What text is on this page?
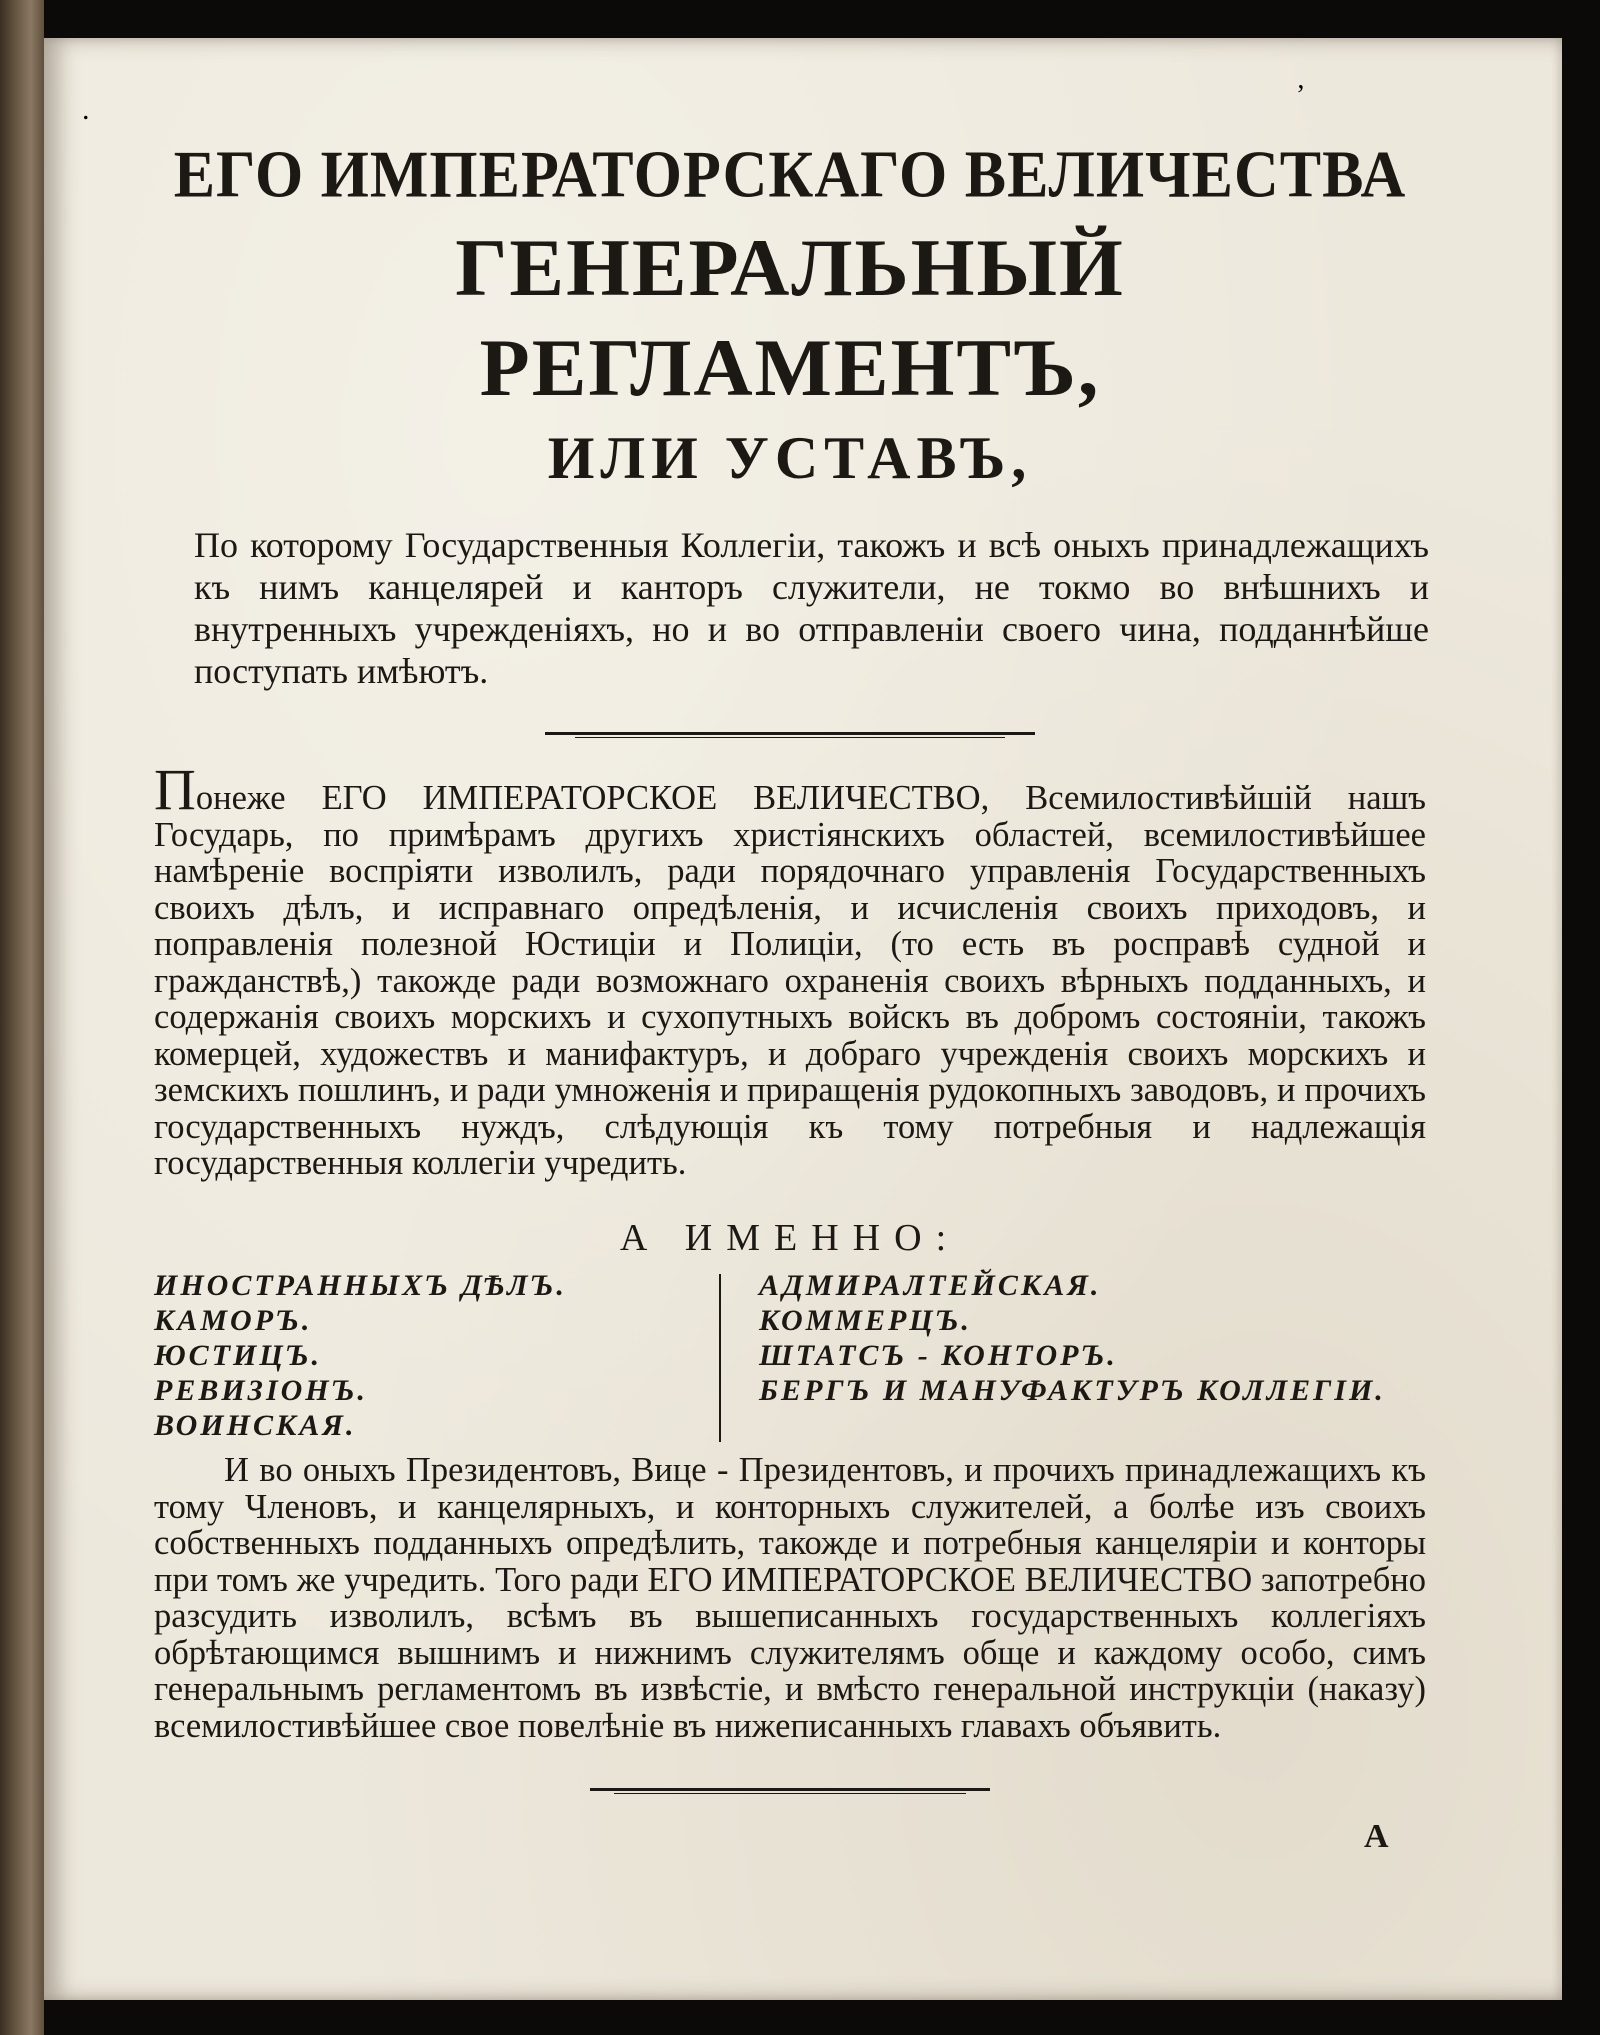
.	’
ЕГО ИМПЕРАТОРСКАГО ВЕЛИЧЕСТВА
ГЕНЕРАЛЬНЫЙ РЕГЛАМЕНТЪ,
ИЛИ УСТАВЪ,

По которому Государственныя Коллегіи, такожъ и всѣ оныхъ принадлежащихъ къ нимъ канцелярей и канторъ служители, не токмо во внѣшнихъ и внутренныхъ учрежденіяхъ, но и во отправленіи своего чина, подданнѣйше поступать имѣютъ.

Понеже ЕГО ИМПЕРАТОРСКОЕ ВЕЛИЧЕСТВО, Всемилостивѣйшій нашъ Государь, по примѣрамъ другихъ христіянскихъ областей, всемилостивѣйшее намѣреніе воспріяти изволилъ, ради порядочнаго управленія Государственныхъ своихъ дѣлъ, и исправнаго опредѣленія, и исчисленія своихъ приходовъ, и поправленія полезной Юстиціи и Полиціи, (то есть въ росправѣ судной и гражданствѣ,) такожде ради возможнаго охраненія своихъ вѣрныхъ подданныхъ, и содержанія своихъ морскихъ и сухопутныхъ войскъ въ добромъ состояніи, такожъ комерцей, художествъ и манифактуръ, и добраго учрежденія своихъ морскихъ и земскихъ пошлинъ, и ради умноженія и приращенія рудокопныхъ заводовъ, и прочихъ государственныхъ нуждъ, слѣдующія къ тому потребныя и надлежащія государственныя коллегіи учредить.

А ИМЕННО:
ИНОСТРАННЫХЪ ДѢЛЪ.
КАМОРЪ.
ЮСТИЦЪ.
РЕВИЗІОНЪ.
ВОИНСКАЯ.
АДМИРАЛТЕЙСКАЯ.
КОММЕРЦЪ.
ШТАТСЪ - КОНТОРЪ.
БЕРГЪ И МАНУФАКТУРЪ КОЛЛЕГІИ.

И во оныхъ Президентовъ, Вице - Президентовъ, и прочихъ принадлежащихъ къ тому Членовъ, и канцелярныхъ, и конторныхъ служителей, а болѣе изъ своихъ собственныхъ подданныхъ опредѣлить, такожде и потребныя канцеляріи и конторы при томъ же учредить. Того ради ЕГО ИМПЕРАТОРСКОЕ ВЕЛИЧЕСТВО запотребно разсудить изволилъ, всѣмъ въ вышеписанныхъ государственныхъ коллегіяхъ обрѣтающимся вышнимъ и нижнимъ служителямъ обще и каждому особо, симъ генеральнымъ регламентомъ въ извѣстіе, и вмѣсто генеральной инструкціи (наказу) всемилостивѣйшее свое повелѣніе въ нижеписанныхъ главахъ объявить.

А
